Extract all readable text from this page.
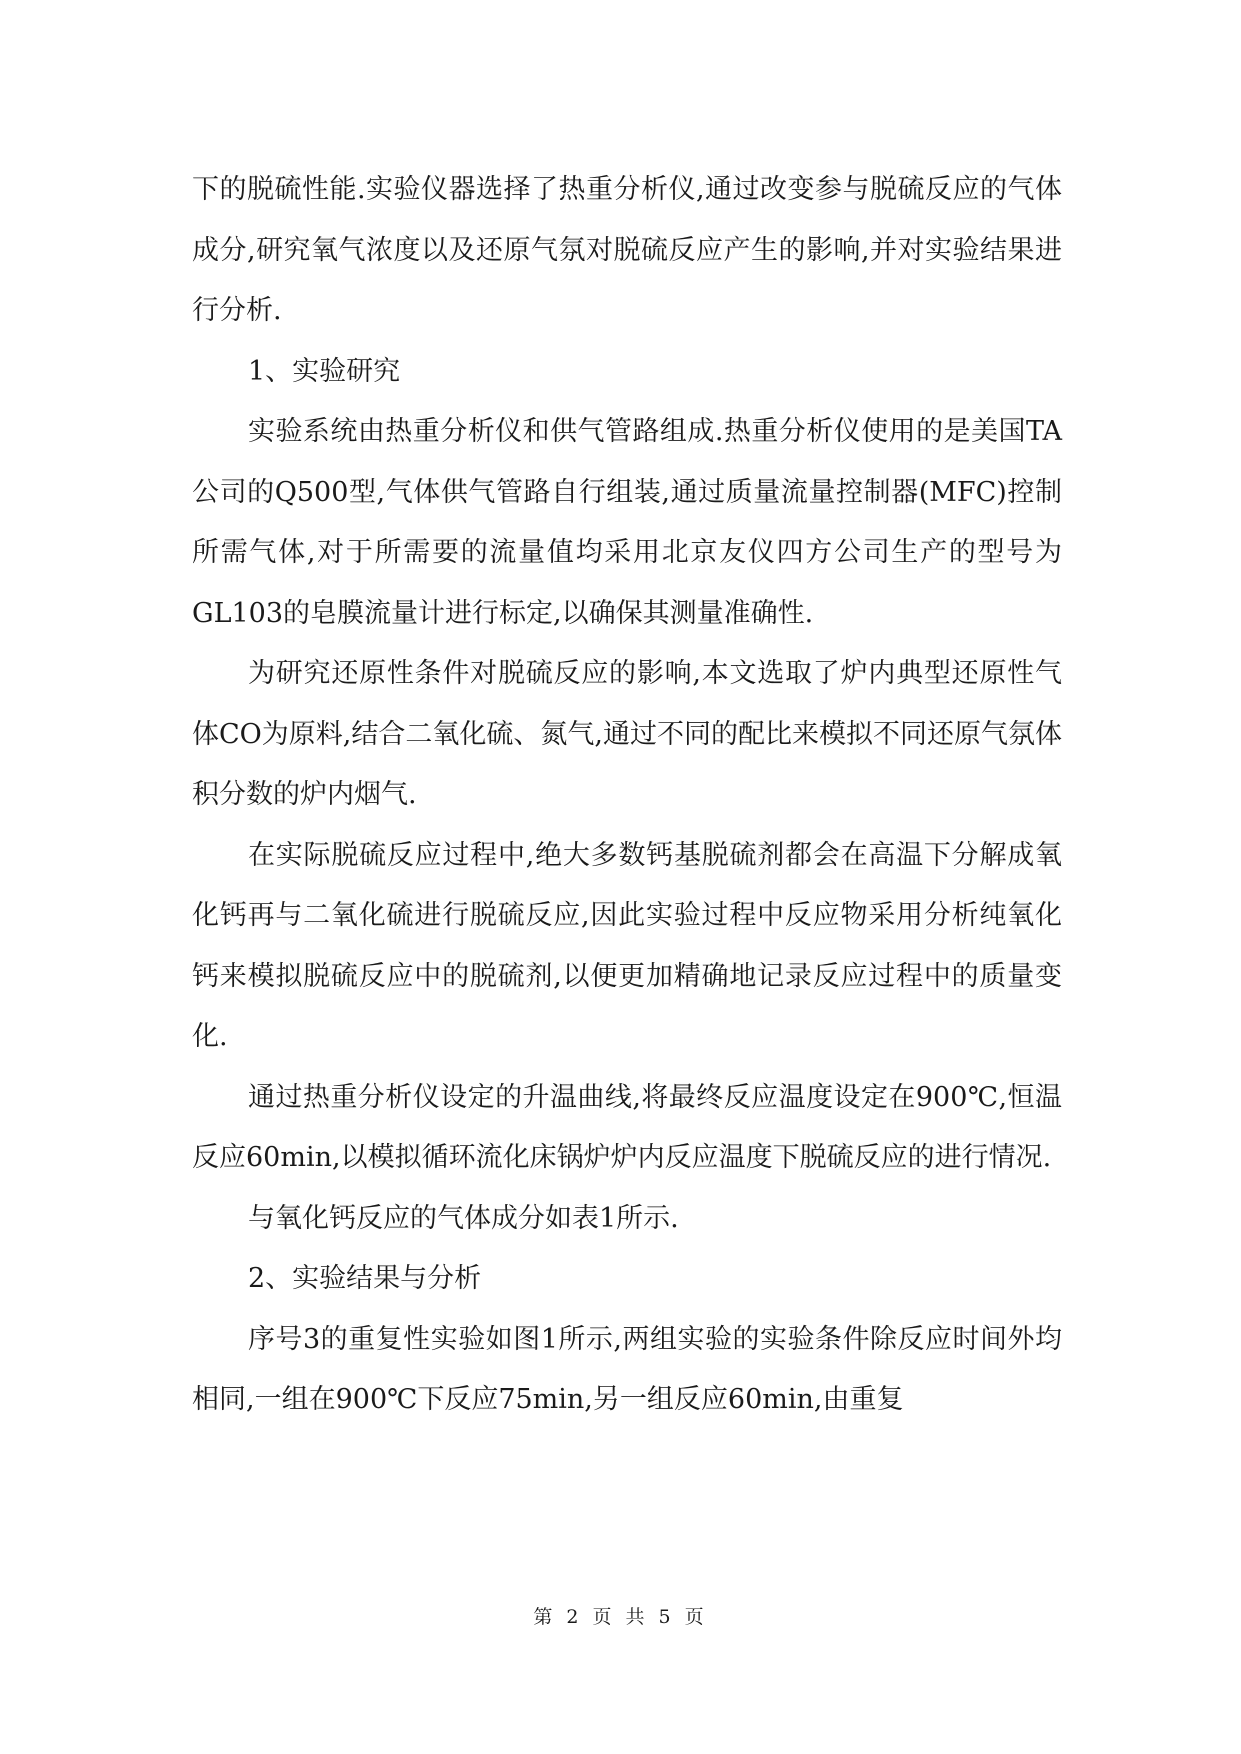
下的脱硫性能.实验仪器选择了热重分析仪,通过改变参与脱硫反应的气体成分,研究氧气浓度以及还原气氛对脱硫反应产生的影响,并对实验结果进行分析.

1、实验研究

实验系统由热重分析仪和供气管路组成.热重分析仪使用的是美国TA公司的Q500型,气体供气管路自行组装,通过质量流量控制器(MFC)控制所需气体,对于所需要的流量值均采用北京友仪四方公司生产的型号为GL103的皂膜流量计进行标定,以确保其测量准确性.

为研究还原性条件对脱硫反应的影响,本文选取了炉内典型还原性气体CO为原料,结合二氧化硫、氮气,通过不同的配比来模拟不同还原气氛体积分数的炉内烟气.

在实际脱硫反应过程中,绝大多数钙基脱硫剂都会在高温下分解成氧化钙再与二氧化硫进行脱硫反应,因此实验过程中反应物采用分析纯氧化钙来模拟脱硫反应中的脱硫剂,以便更加精确地记录反应过程中的质量变化.

通过热重分析仪设定的升温曲线,将最终反应温度设定在900℃,恒温反应60min,以模拟循环流化床锅炉炉内反应温度下脱硫反应的进行情况.

与氧化钙反应的气体成分如表1所示.

2、实验结果与分析

序号3的重复性实验如图1所示,两组实验的实验条件除反应时间外均相同,一组在900℃下反应75min,另一组反应60min,由重复

第 2 页 共 5 页
